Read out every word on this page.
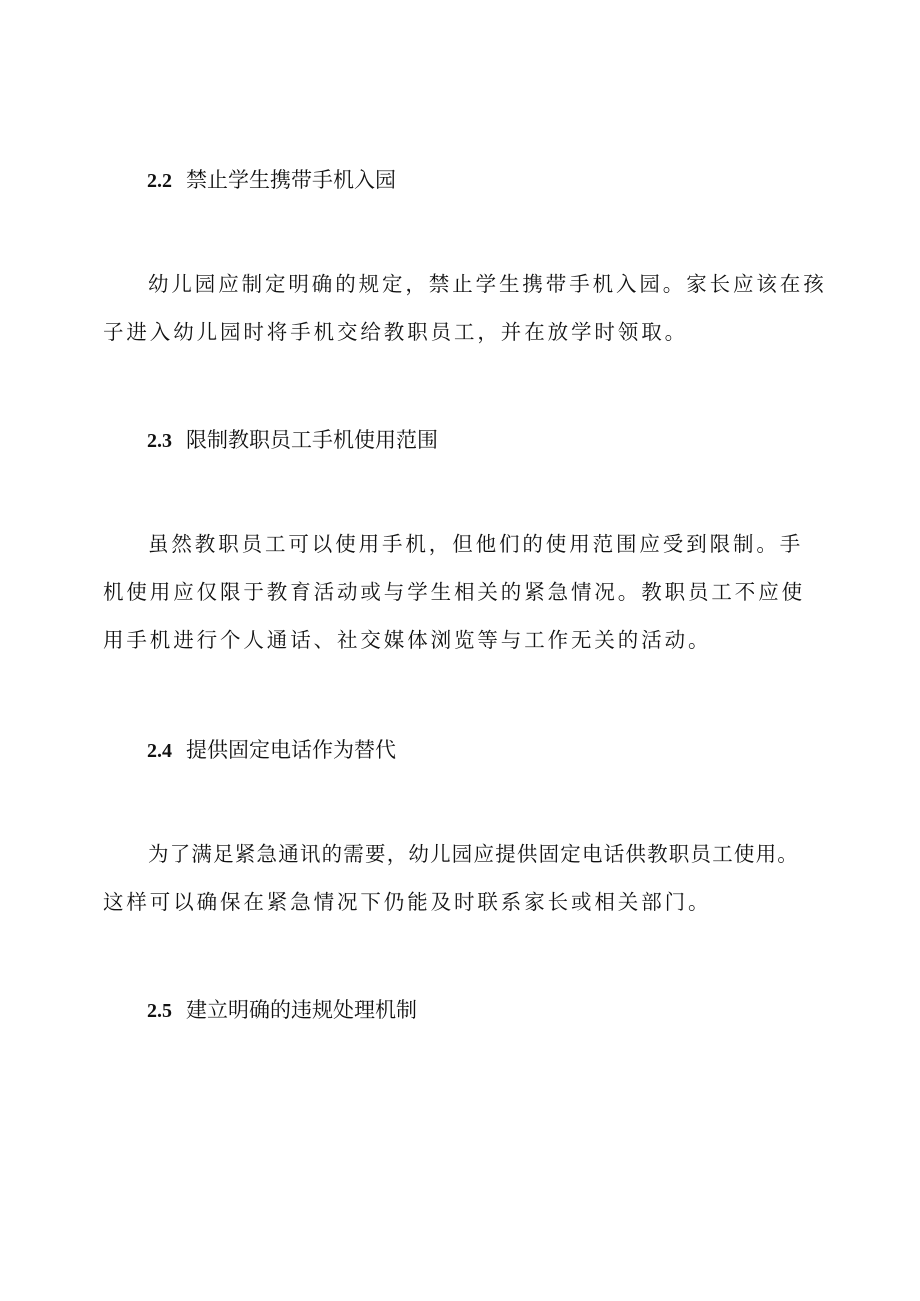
2.2 禁止学生携带手机入园
幼儿园应制定明确的规定，禁止学生携带手机入园。家长应该在孩
子进入幼儿园时将手机交给教职员工，并在放学时领取。
2.3 限制教职员工手机使用范围
虽然教职员工可以使用手机，但他们的使用范围应受到限制。手
机使用应仅限于教育活动或与学生相关的紧急情况。教职员工不应使
用手机进行个人通话、社交媒体浏览等与工作无关的活动。
2.4 提供固定电话作为替代
为了满足紧急通讯的需要，幼儿园应提供固定电话供教职员工使用。
这样可以确保在紧急情况下仍能及时联系家长或相关部门。
2.5 建立明确的违规处理机制
